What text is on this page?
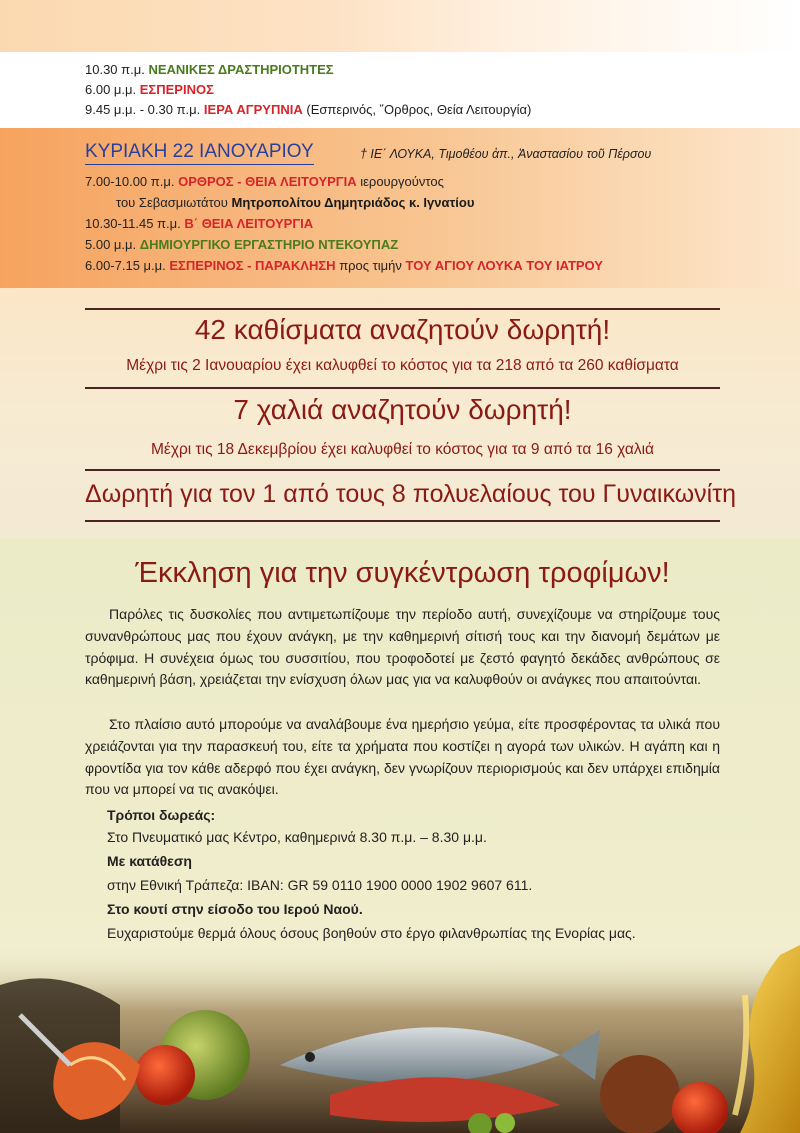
10.30 π.μ. ΝΕΑΝΙΚΕΣ ΔΡΑΣΤΗΡΙΟΤΗΤΕΣ
6.00 μ.μ. ΕΣΠΕΡΙΝΟΣ
9.45 μ.μ. - 0.30 π.μ. ΙΕΡΑ ΑΓΡΥΠΝΙΑ (Εσπερινός, ῎Ορθρος, Θεία Λειτουργία)
ΚΥΡΙΑΚΗ 22 ΙΑΝΟΥΑΡΙΟΥ	† ΙΕ΄ ΛΟΥΚΑ, Τιμοθέου ἀπ., Ἀναστασίου τοῦ Πέρσου
7.00-10.00 π.μ. ΟΡΘΡΟΣ - ΘΕΙΑ ΛΕΙΤΟΥΡΓΙΑ ιερουργούντος
του Σεβασμιωτάτου Μητροπολίτου Δημητριάδος κ. Ιγνατίου
10.30-11.45 π.μ. Β΄ ΘΕΙΑ ΛΕΙΤΟΥΡΓΙΑ
5.00 μ.μ. ΔΗΜΙΟΥΡΓΙΚΟ ΕΡΓΑΣΤΗΡΙΟ ΝΤΕΚΟΥΠΑΖ
6.00-7.15 μ.μ. ΕΣΠΕΡΙΝΟΣ - ΠΑΡΑΚΛΗΣΗ προς τιμήν ΤΟΥ ΑΓΙΟΥ ΛΟΥΚΑ ΤΟΥ ΙΑΤΡΟΥ
42 καθίσματα αναζητούν δωρητή!
Μέχρι τις 2 Ιανουαρίου έχει καλυφθεί το κόστος για τα 218 από τα 260 καθίσματα
7 χαλιά αναζητούν δωρητή!
Μέχρι τις 18 Δεκεμβρίου έχει καλυφθεί το κόστος για τα 9 από τα 16 χαλιά
Δωρητή για τον 1 από τους 8 πολυελαίους του Γυναικωνίτη
Έκκληση για την συγκέντρωση τροφίμων!
Παρόλες τις δυσκολίες που αντιμετωπίζουμε την περίοδο αυτή, συνεχίζουμε να στηρίζουμε τους συνανθρώπους μας που έχουν ανάγκη, με την καθημερινή σίτισή τους και την διανομή δεμάτων με τρόφιμα. Η συνέχεια όμως του συσσιτίου, που τροφοδοτεί με ζεστό φαγητό δεκάδες ανθρώπους σε καθημερινή βάση, χρειάζεται την ενίσχυση όλων μας για να καλυφθούν οι ανάγκες που απαιτούνται.
Στο πλαίσιο αυτό μπορούμε να αναλάβουμε ένα ημερήσιο γεύμα, είτε προσφέροντας τα υλικά που χρειάζονται για την παρασκευή του, είτε τα χρήματα που κοστίζει η αγορά των υλικών. Η αγάπη και η φροντίδα για τον κάθε αδερφό που έχει ανάγκη, δεν γνωρίζουν περιορισμούς και δεν υπάρχει επιδημία που να μπορεί να τις ανακόψει.
Τρόποι δωρεάς:
Στο Πνευματικό μας Κέντρο, καθημερινά 8.30 π.μ. – 8.30 μ.μ.
Με κατάθεση
στην Εθνική Τράπεζα: IBAN: GR 59 0110 1900 0000 1902 9607 611.
Στο κουτί στην είσοδο του Ιερού Ναού.
Ευχαριστούμε θερμά όλους όσους βοηθούν στο έργο φιλανθρωπίας της Ενορίας μας.
